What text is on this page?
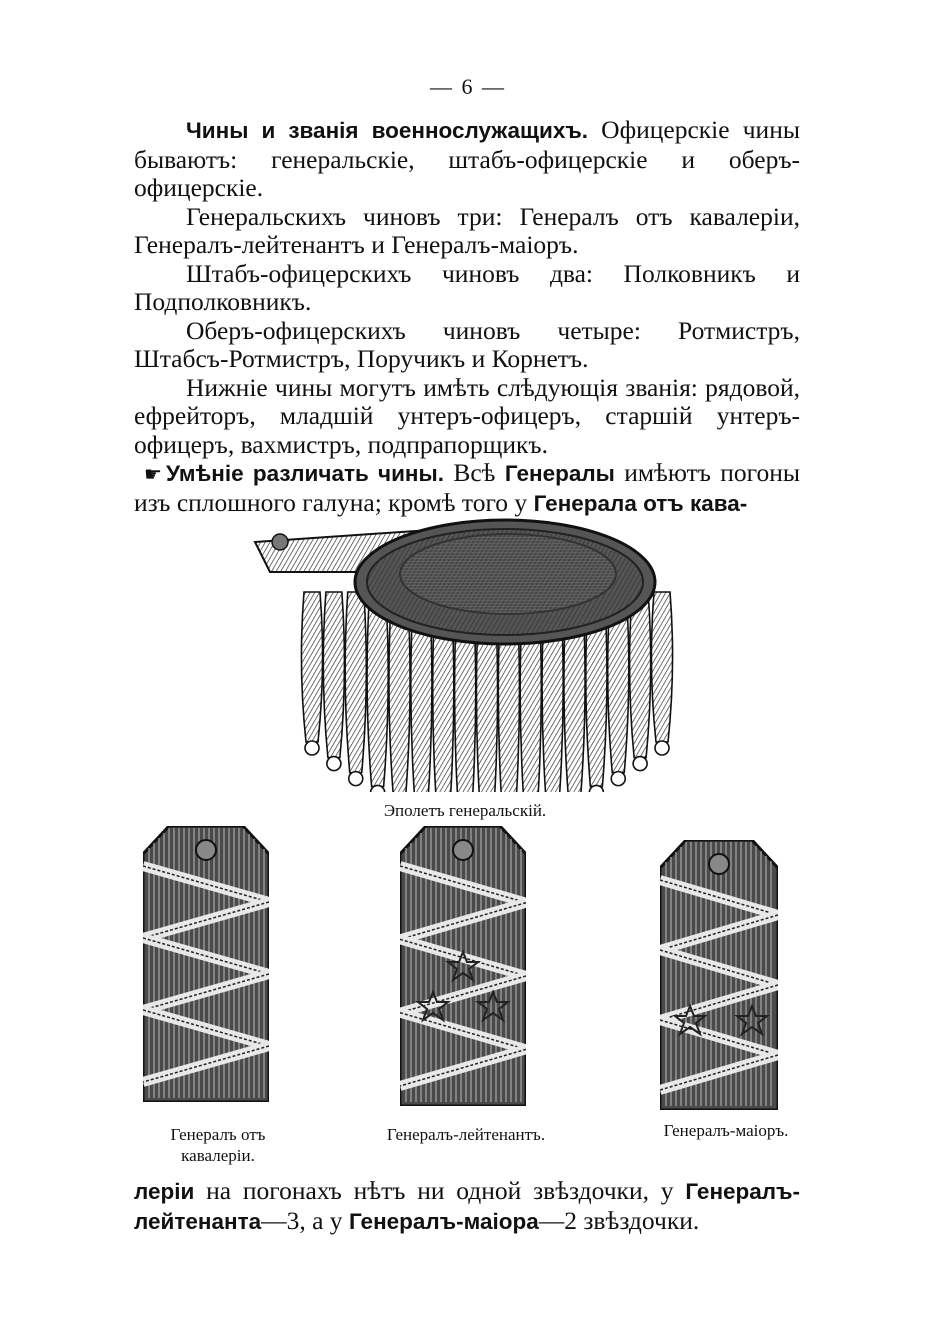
— 6 —

Чины и званія военнослужащихъ. Офицерскіе чины бываютъ: генеральскіе, штабъ-офицерскіе и оберъ-офицерскіе.

Генеральскихъ чиновъ три: Генералъ отъ кавалеріи, Генералъ-лейтенантъ и Генералъ-маіоръ.

Штабъ-офицерскихъ чиновъ два: Полковникъ и Подполковникъ.

Оберъ-офицерскихъ чиновъ четыре: Ротмистръ, Штабсъ-Ротмистръ, Поручикъ и Корнетъ.

Нижніе чины могутъ имѣть слѣдующія званія: рядовой, ефрейторъ, младшій унтеръ-офицеръ, старшій унтеръ-офицеръ, вахмистръ, подпрапорщикъ.

☛ Умѣніе различать чины. Всѣ Генералы имѣютъ погоны изъ сплошного галуна; кромѣ того у Генерала отъ кава-

Эполетъ генеральскій.
Генералъ отъ кавалеріи.
Генералъ-лейтенантъ.	Генералъ-маіоръ.

леріи на погонахъ нѣтъ ни одной звѣздочки, у Генералъ-лейтенанта—3, а у Генералъ-маіора—2 звѣздочки.
